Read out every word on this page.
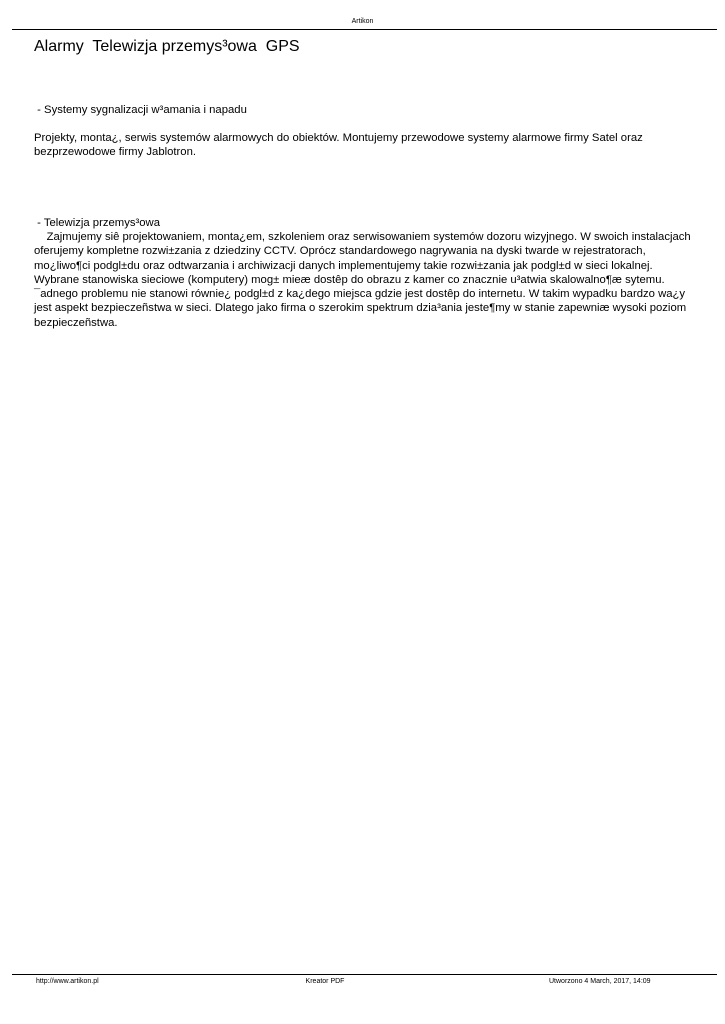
Artikon
Alarmy  Telewizja przemys³owa  GPS

- Systemy sygnalizacji w³amania i napadu

Projekty, monta¿, serwis systemów alarmowych do obiektów. Montujemy przewodowe systemy alarmowe firmy Satel oraz bezprzewodowe firmy Jablotron.

- Telewizja przemys³owa

Zajmujemy siê projektowaniem, monta¿em, szkoleniem oraz serwisowaniem systemów dozoru wizyjnego. W swoich instalacjach oferujemy kompletne rozwi±zania z dziedziny CCTV. Oprócz standardowego nagrywania na dyski twarde w rejestratorach, mo¿liwo¶ci podgl±du oraz odtwarzania i archiwizacji danych implementujemy takie rozwi±zania jak podgl±d w sieci lokalnej. Wybrane stanowiska sieciowe (komputery) mog± mieæ dostêp do obrazu z kamer co znacznie u³atwia skalowalno¶æ sytemu. ¯adnego problemu nie stanowi równie¿ podgl±d z ka¿dego miejsca gdzie jest dostêp do internetu. W takim wypadku bardzo wa¿y jest aspekt bezpieczeñstwa w sieci. Dlatego jako firma o szerokim spektrum dzia³ania jeste¶my w stanie zapewniæ wysoki poziom bezpieczeñstwa.

http://www.artikon.pl	Kreator PDF	Utworzono 4 March, 2017, 14:09
